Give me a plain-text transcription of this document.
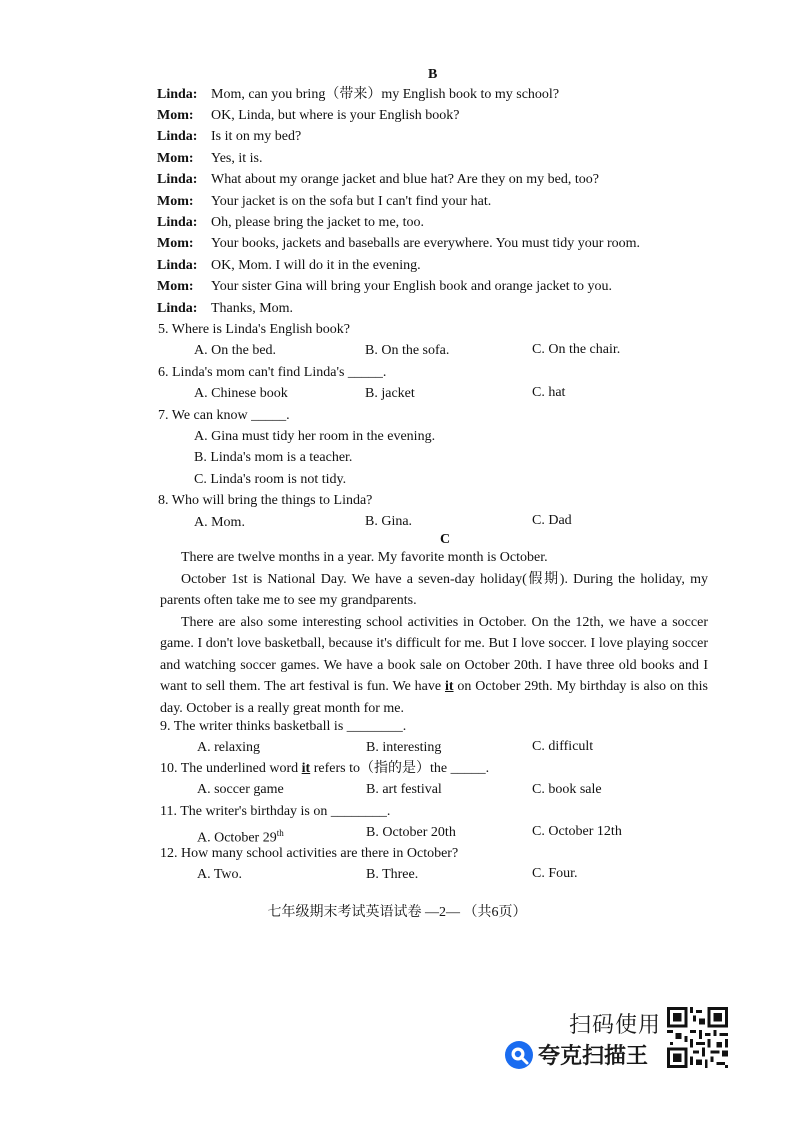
B
Linda: Mom, can you bring（带来）my English book to my school?
Mom: OK, Linda, but where is your English book?
Linda: Is it on my bed?
Mom: Yes, it is.
Linda: What about my orange jacket and blue hat? Are they on my bed, too?
Mom: Your jacket is on the sofa but I can't find your hat.
Linda: Oh, please bring the jacket to me, too.
Mom: Your books, jackets and baseballs are everywhere. You must tidy your room.
Linda: OK, Mom. I will do it in the evening.
Mom: Your sister Gina will bring your English book and orange jacket to you.
Linda: Thanks, Mom.
5. Where is Linda's English book?
A. On the bed.	B. On the sofa.	C. On the chair.
6. Linda's mom can't find Linda's _____.
A. Chinese book	B. jacket	C. hat
7. We can know _____.
A. Gina must tidy her room in the evening.
B. Linda's mom is a teacher.
C. Linda's room is not tidy.
8. Who will bring the things to Linda?
A. Mom.	B. Gina.	C. Dad
C

There are twelve months in a year. My favorite month is October.

October 1st is National Day. We have a seven-day holiday(假期). During the holiday, my parents often take me to see my grandparents.

There are also some interesting school activities in October. On the 12th, we have a soccer game. I don't love basketball, because it's difficult for me. But I love soccer. I love playing soccer and watching soccer games. We have a book sale on October 20th. I have three old books and I want to sell them. The art festival is fun. We have it on October 29th. My birthday is also on this day. October is a really great month for me.

9. The writer thinks basketball is ________.
A. relaxing	B. interesting	C. difficult
10. The underlined word it refers to（指的是）the _____.
A. soccer game	B. art festival	C. book sale
11. The writer's birthday is on ________.
A. October 29th	B. October 20th	C. October 12th
12. How many school activities are there in October?
A. Two.	B. Three.	C. Four.
七年级期末考试英语试卷 —2— （共6页）
扫码使用
夸克扫描王
